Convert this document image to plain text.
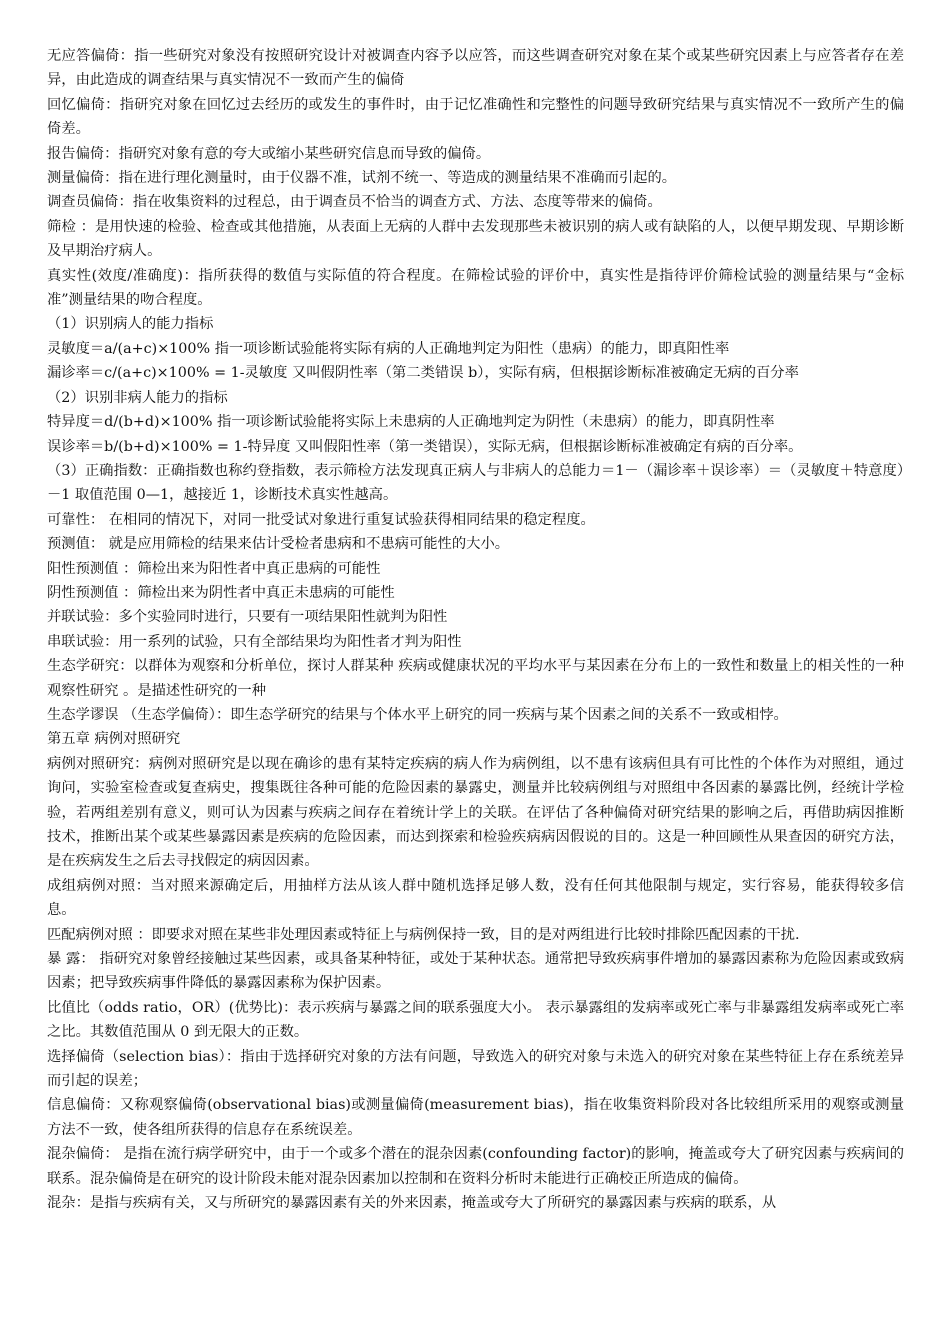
无应答偏倚：指一些研究对象没有按照研究设计对被调查内容予以应答，而这些调查研究对象在某个或某些研究因素上与应答者存在差异，由此造成的调查结果与真实情况不一致而产生的偏倚

回忆偏倚：指研究对象在回忆过去经历的或发生的事件时，由于记忆准确性和完整性的问题导致研究结果与真实情况不一致所产生的偏倚差。

报告偏倚：指研究对象有意的夸大或缩小某些研究信息而导致的偏倚。

测量偏倚：指在进行理化测量时，由于仪器不准，试剂不统一、等造成的测量结果不准确而引起的。

调查员偏倚：指在收集资料的过程总，由于调查员不恰当的调查方式、方法、态度等带来的偏倚。

筛检 ：是用快速的检验、检查或其他措施，从表面上无病的人群中去发现那些未被识别的病人或有缺陷的人，以便早期发现、早期诊断及早期治疗病人。

真实性(效度/准确度)：指所获得的数值与实际值的符合程度。在筛检试验的评价中，真实性是指待评价筛检试验的测量结果与“金标准”测量结果的吻合程度。

（1）识别病人的能力指标

灵敏度＝a/(a+c)×100% 指一项诊断试验能将实际有病的人正确地判定为阳性（患病）的能力，即真阳性率

漏诊率＝c/(a+c)×100% = 1-灵敏度 又叫假阴性率（第二类错误 b），实际有病，但根据诊断标准被确定无病的百分率

（2）识别非病人能力的指标

特异度＝d/(b+d)×100% 指一项诊断试验能将实际上未患病的人正确地判定为阴性（未患病）的能力，即真阴性率

误诊率＝b/(b+d)×100% = 1-特异度 又叫假阳性率（第一类错误），实际无病，但根据诊断标准被确定有病的百分率。

（3）正确指数：正确指数也称约登指数，表示筛检方法发现真正病人与非病人的总能力＝1－（漏诊率＋误诊率）＝（灵敏度＋特意度）－1 取值范围 0—1，越接近 1，诊断技术真实性越高。

可靠性： 在相同的情况下，对同一批受试对象进行重复试验获得相同结果的稳定程度。

预测值： 就是应用筛检的结果来估计受检者患病和不患病可能性的大小。

阳性预测值 ：筛检出来为阳性者中真正患病的可能性

阴性预测值 ：筛检出来为阴性者中真正未患病的可能性

并联试验：多个实验同时进行，只要有一项结果阳性就判为阳性

串联试验：用一系列的试验，只有全部结果均为阳性者才判为阳性

生态学研究：以群体为观察和分析单位，探讨人群某种 疾病或健康状况的平均水平与某因素在分布上的一致性和数量上的相关性的一种观察性研究 。是描述性研究的一种

生态学谬误 （生态学偏倚）：即生态学研究的结果与个体水平上研究的同一疾病与某个因素之间的关系不一致或相悖。

第五章 病例对照研究

病例对照研究：病例对照研究是以现在确诊的患有某特定疾病的病人作为病例组，以不患有该病但具有可比性的个体作为对照组，通过询问，实验室检查或复查病史，搜集既往各种可能的危险因素的暴露史，测量并比较病例组与对照组中各因素的暴露比例，经统计学检验，若两组差别有意义，则可认为因素与疾病之间存在着统计学上的关联。在评估了各种偏倚对研究结果的影响之后，再借助病因推断技术，推断出某个或某些暴露因素是疾病的危险因素，而达到探索和检验疾病病因假说的目的。这是一种回顾性从果查因的研究方法，是在疾病发生之后去寻找假定的病因因素。

成组病例对照：当对照来源确定后，用抽样方法从该人群中随机选择足够人数，没有任何其他限制与规定，实行容易，能获得较多信息。

匹配病例对照 ：即要求对照在某些非处理因素或特征上与病例保持一致，目的是对两组进行比较时排除匹配因素的干扰.

暴 露： 指研究对象曾经接触过某些因素，或具备某种特征，或处于某种状态。通常把导致疾病事件增加的暴露因素称为危险因素或致病因素；把导致疾病事件降低的暴露因素称为保护因素。

比值比（odds ratio，OR）(优势比)：表示疾病与暴露之间的联系强度大小。 表示暴露组的发病率或死亡率与非暴露组发病率或死亡率之比。其数值范围从 0 到无限大的正数。

选择偏倚（selection bias）：指由于选择研究对象的方法有问题，导致选入的研究对象与未选入的研究对象在某些特征上存在系统差异而引起的误差；

信息偏倚：又称观察偏倚(observational bias)或测量偏倚(measurement bias)，指在收集资料阶段对各比较组所采用的观察或测量方法不一致，使各组所获得的信息存在系统误差。

混杂偏倚： 是指在流行病学研究中，由于一个或多个潜在的混杂因素(confounding factor)的影响，掩盖或夸大了研究因素与疾病间的联系。混杂偏倚是在研究的设计阶段未能对混杂因素加以控制和在资料分析时未能进行正确校正所造成的偏倚。

混杂：是指与疾病有关，又与所研究的暴露因素有关的外来因素，掩盖或夸大了所研究的暴露因素与疾病的联系，从
